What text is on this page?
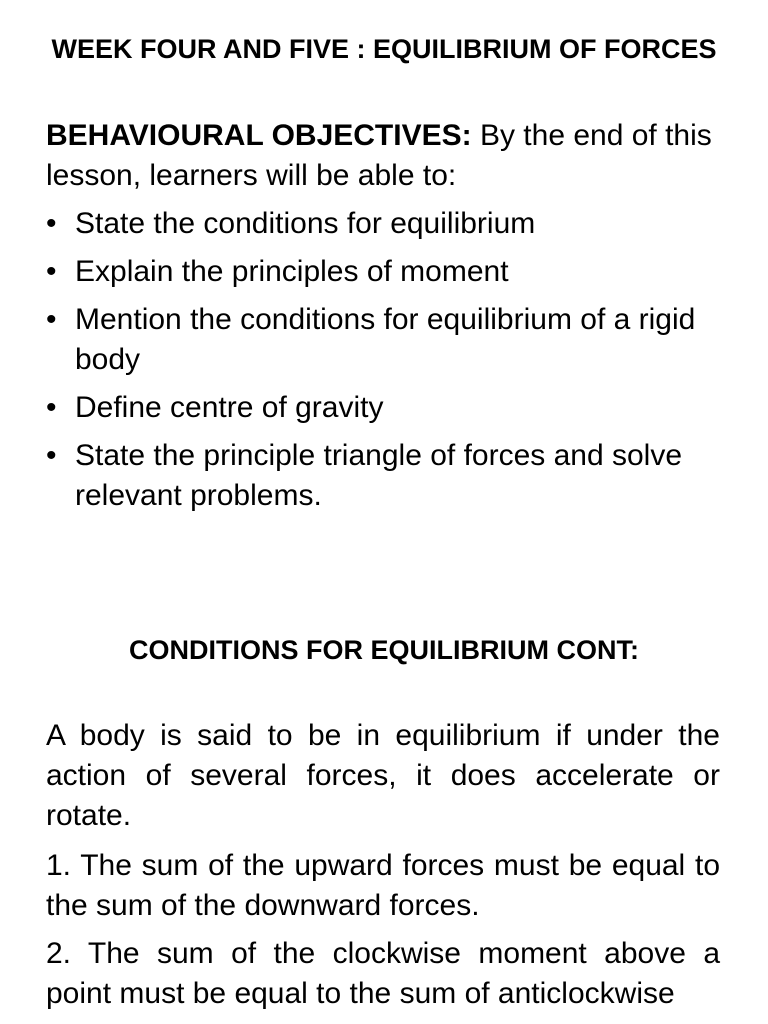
WEEK FOUR AND FIVE : EQUILIBRIUM OF FORCES

BEHAVIOURAL OBJECTIVES: By the end of this lesson, learners will be able to:

• State the conditions for equilibrium
• Explain the principles of moment
• Mention the conditions for equilibrium of a rigid body
• Define centre of gravity
• State the principle triangle of forces and solve relevant problems.
CONDITIONS FOR EQUILIBRIUM CONT:

A body is said to be in equilibrium if under the action of several forces, it does accelerate or rotate.

1. The sum of the upward forces must be equal to the sum of the downward forces.

2. The sum of the clockwise moment above a point must be equal to the sum of anticlockwise
